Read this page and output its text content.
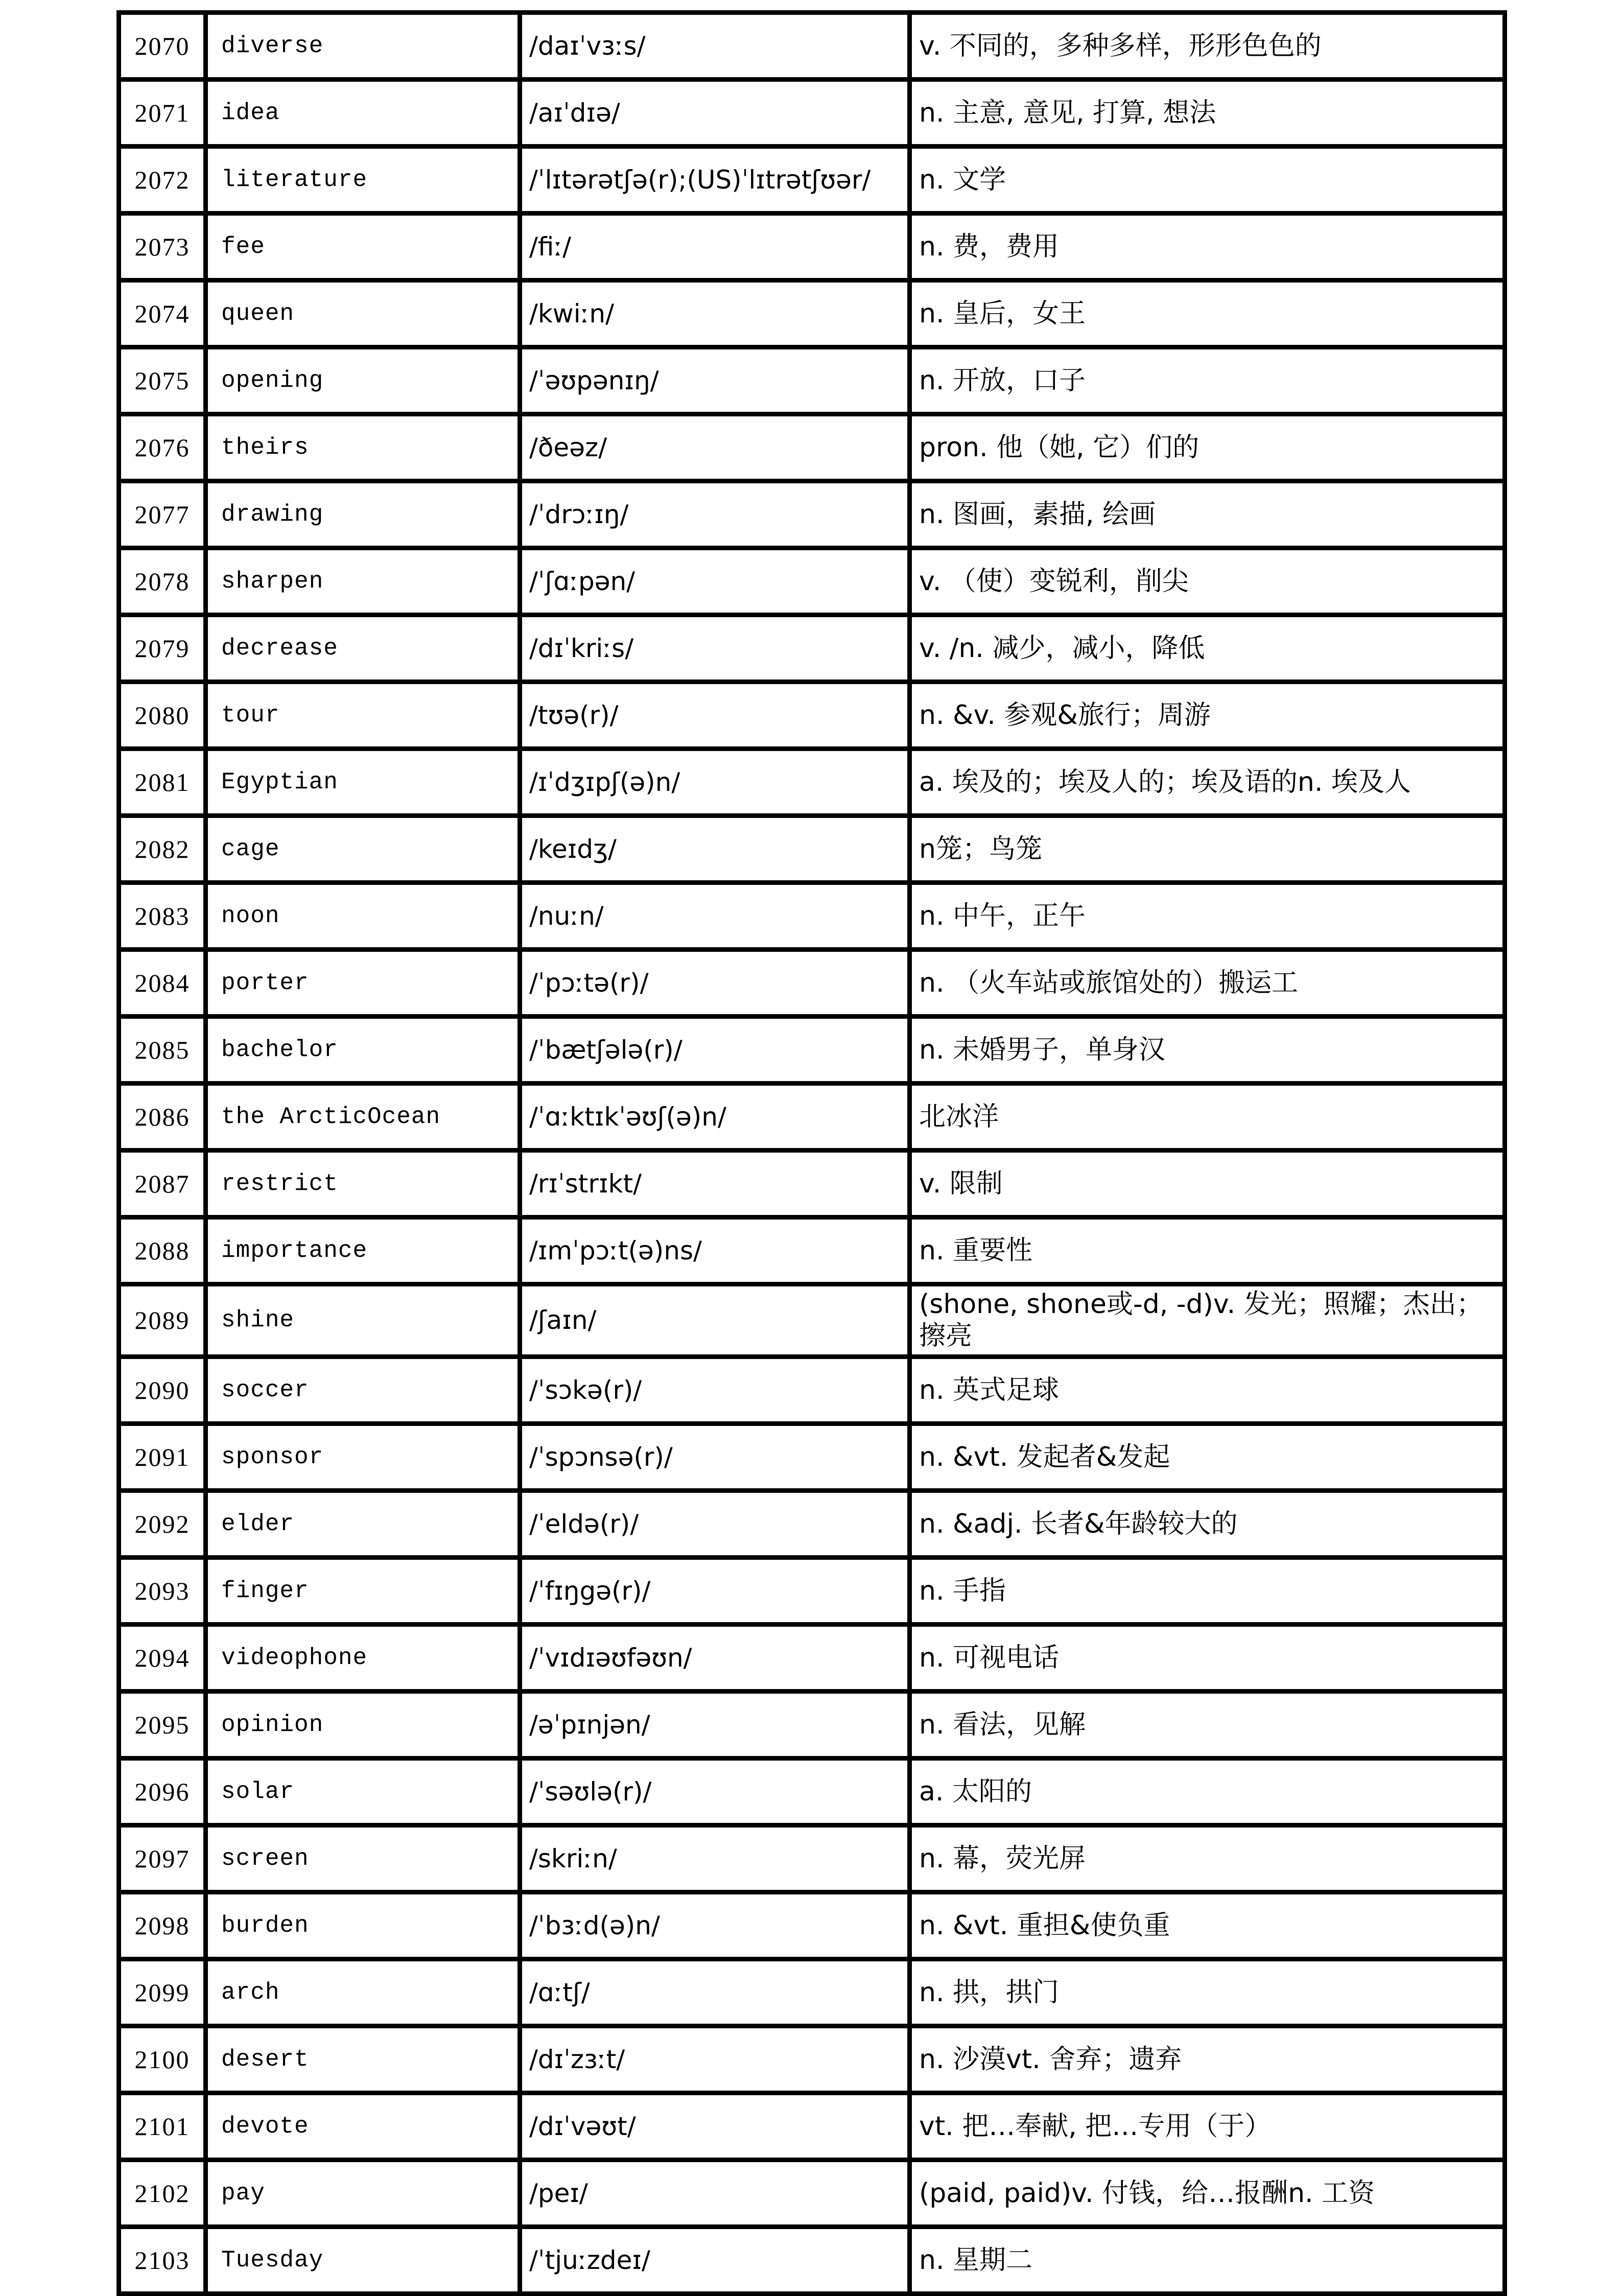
2070	diverse	/daɪˈvɜːs/	v. 不同的，多种多样，形形色色的
2071	idea	/aɪˈdɪə/	n. 主意, 意见, 打算, 想法
2072	literature	/ˈlɪtərətʃə(r);(US)ˈlɪtrətʃʊər/	n. 文学
2073	fee	/fiː/	n. 费，费用
2074	queen	/kwiːn/	n. 皇后，女王
2075	opening	/ˈəʊpənɪŋ/	n. 开放，口子
2076	theirs	/ðeəz/	pron. 他（她, 它）们的
2077	drawing	/ˈdrɔːɪŋ/	n. 图画，素描, 绘画
2078	sharpen	/ˈʃɑːpən/	v. （使）变锐利，削尖
2079	decrease	/dɪˈkriːs/	v. /n. 减少，减小，降低
2080	tour	/tʊə(r)/	n. &v. 参观&旅行；周游
2081	Egyptian	/ɪˈdʒɪpʃ(ə)n/	a. 埃及的；埃及人的；埃及语的n. 埃及人
2082	cage	/keɪdʒ/	n笼；鸟笼
2083	noon	/nuːn/	n. 中午，正午
2084	porter	/ˈpɔːtə(r)/	n. （火车站或旅馆处的）搬运工
2085	bachelor	/ˈbætʃələ(r)/	n. 未婚男子，单身汉
2086	the ArcticOcean	/ˈɑːktɪkˈəʊʃ(ə)n/	北冰洋
2087	restrict	/rɪˈstrɪkt/	v. 限制
2088	importance	/ɪmˈpɔːt(ə)ns/	n. 重要性
2089	shine	/ʃaɪn/	(shone, shone或-d, -d)v. 发光；照耀；杰出；擦亮
2090	soccer	/ˈsɔkə(r)/	n. 英式足球
2091	sponsor	/ˈspɔnsə(r)/	n. &vt. 发起者&发起
2092	elder	/ˈeldə(r)/	n. &adj. 长者&年龄较大的
2093	finger	/ˈfɪŋgə(r)/	n. 手指
2094	videophone	/ˈvɪdɪəʊfəʊn/	n. 可视电话
2095	opinion	/əˈpɪnjən/	n. 看法，见解
2096	solar	/ˈsəʊlə(r)/	a. 太阳的
2097	screen	/skriːn/	n. 幕，荧光屏
2098	burden	/ˈbɜːd(ə)n/	n. &vt. 重担&使负重
2099	arch	/ɑːtʃ/	n. 拱，拱门
2100	desert	/dɪˈzɜːt/	n. 沙漠vt. 舍弃；遗弃
2101	devote	/dɪˈvəʊt/	vt. 把…奉献, 把…专用（于）
2102	pay	/peɪ/	(paid, paid)v. 付钱，给…报酬n. 工资
2103	Tuesday	/ˈtjuːzdeɪ/	n. 星期二
